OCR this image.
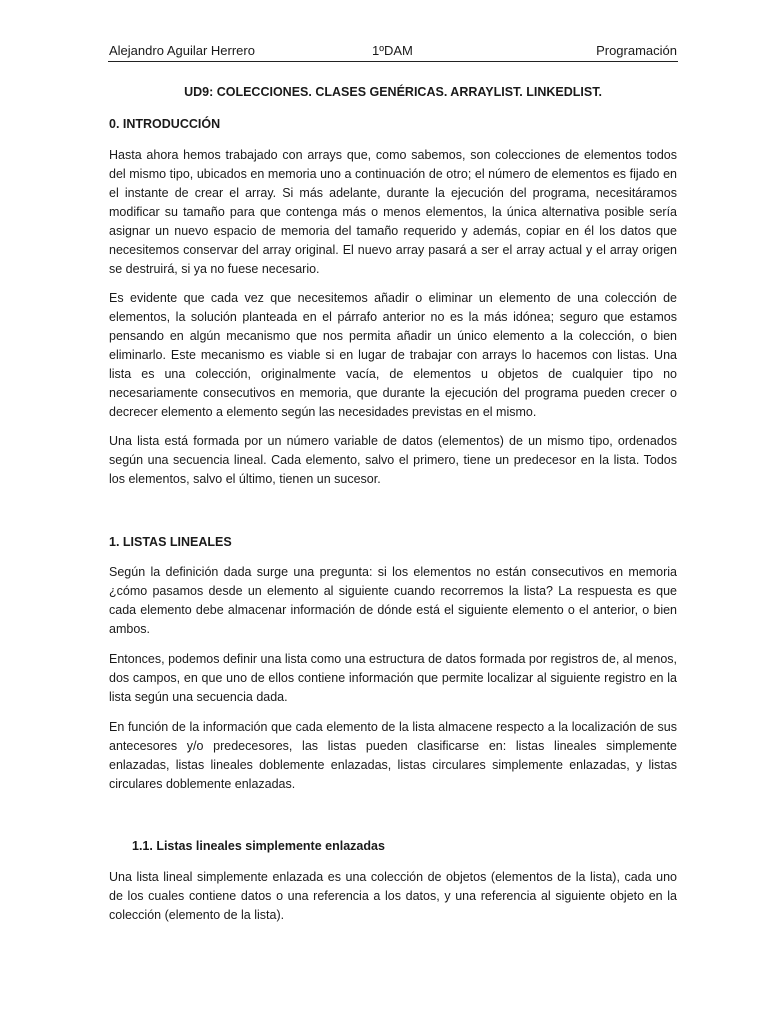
Alejandro Aguilar Herrero	1ºDAM	Programación
UD9: COLECCIONES. CLASES GENÉRICAS. ARRAYLIST. LINKEDLIST.
0. INTRODUCCIÓN

Hasta ahora hemos trabajado con arrays que, como sabemos, son colecciones de elementos todos del mismo tipo, ubicados en memoria uno a continuación de otro; el número de elementos es fijado en el instante de crear el array. Si más adelante, durante la ejecución del programa, necesitáramos modificar su tamaño para que contenga más o menos elementos, la única alternativa posible sería asignar un nuevo espacio de memoria del tamaño requerido y además, copiar en él los datos que necesitemos conservar del array original. El nuevo array pasará a ser el array actual y el array origen se destruirá, si ya no fuese necesario.

Es evidente que cada vez que necesitemos añadir o eliminar un elemento de una colección de elementos, la solución planteada en el párrafo anterior no es la más idónea; seguro que estamos pensando en algún mecanismo que nos permita añadir un único elemento a la colección, o bien eliminarlo. Este mecanismo es viable si en lugar de trabajar con arrays lo hacemos con listas. Una lista es una colección, originalmente vacía, de elementos u objetos de cualquier tipo no necesariamente consecutivos en memoria, que durante la ejecución del programa pueden crecer o decrecer elemento a elemento según las necesidades previstas en el mismo.

Una lista está formada por un número variable de datos (elementos) de un mismo tipo, ordenados según una secuencia lineal. Cada elemento, salvo el primero, tiene un predecesor en la lista. Todos los elementos, salvo el último, tienen un sucesor.

1. LISTAS LINEALES

Según la definición dada surge una pregunta: si los elementos no están consecutivos en memoria ¿cómo pasamos desde un elemento al siguiente cuando recorremos la lista? La respuesta es que cada elemento debe almacenar información de dónde está el siguiente elemento o el anterior, o bien ambos.

Entonces, podemos definir una lista como una estructura de datos formada por registros de, al menos, dos campos, en que uno de ellos contiene información que permite localizar al siguiente registro en la lista según una secuencia dada.

En función de la información que cada elemento de la lista almacene respecto a la localización de sus antecesores y/o predecesores, las listas pueden clasificarse en: listas lineales simplemente enlazadas, listas lineales doblemente enlazadas, listas circulares simplemente enlazadas, y listas circulares doblemente enlazadas.

1.1. Listas lineales simplemente enlazadas

Una lista lineal simplemente enlazada es una colección de objetos (elementos de la lista), cada uno de los cuales contiene datos o una referencia a los datos, y una referencia al siguiente objeto en la colección (elemento de la lista).
